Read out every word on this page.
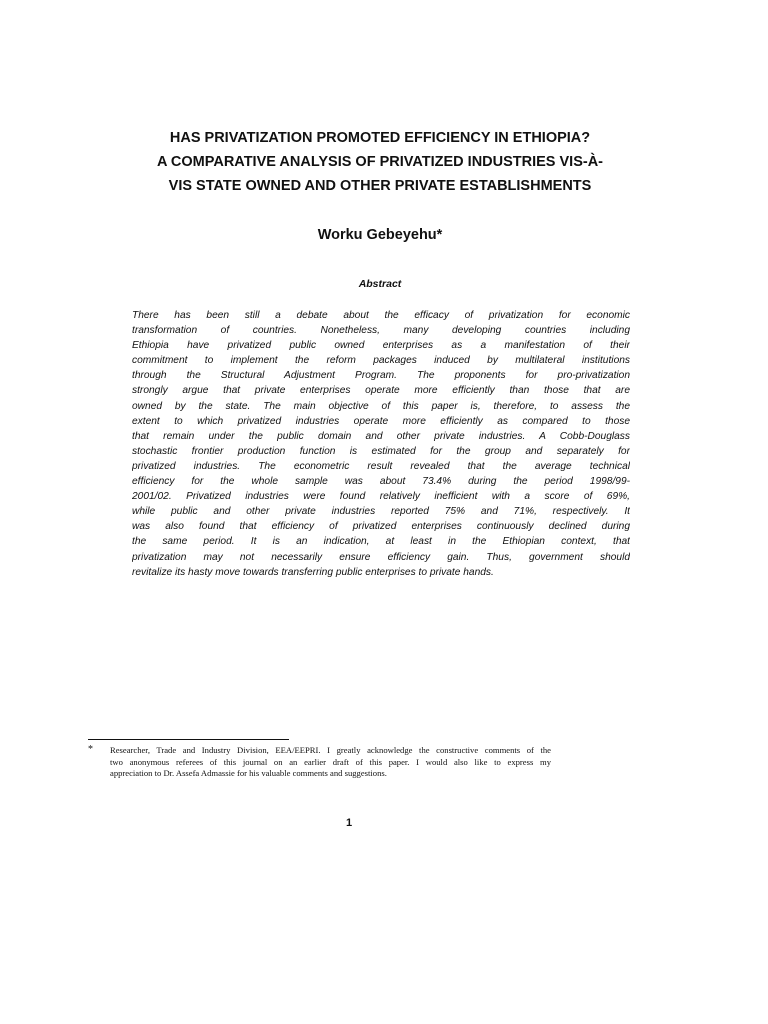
HAS PRIVATIZATION PROMOTED EFFICIENCY IN ETHIOPIA?
A COMPARATIVE ANALYSIS OF PRIVATIZED INDUSTRIES VIS-À-
VIS STATE OWNED AND OTHER PRIVATE ESTABLISHMENTS

Worku Gebeyehu*

Abstract

There has been still a debate about the efficacy of privatization for economic
transformation of countries. Nonetheless, many developing countries including
Ethiopia have privatized public owned enterprises as a manifestation of their
commitment to implement the reform packages induced by multilateral institutions
through the Structural Adjustment Program. The proponents for pro-privatization
strongly argue that private enterprises operate more efficiently than those that are
owned by the state. The main objective of this paper is, therefore, to assess the
extent to which privatized industries operate more efficiently as compared to those
that remain under the public domain and other private industries. A Cobb-Douglass
stochastic frontier production function is estimated for the group and separately for
privatized industries. The econometric result revealed that the average technical
efficiency for the whole sample was about 73.4% during the period 1998/99-
2001/02. Privatized industries were found relatively inefficient with a score of 69%,
while public and other private industries reported 75% and 71%, respectively. It
was also found that efficiency of privatized enterprises continuously declined during
the same period. It is an indication, at least in the Ethiopian context, that
privatization may not necessarily ensure efficiency gain. Thus, government should
revitalize its hasty move towards transferring public enterprises to private hands.
* Researcher, Trade and Industry Division, EEA/EEPRI. I greatly acknowledge the constructive comments of the
two anonymous referees of this journal on an earlier draft of this paper. I would also like to express my
appreciation to Dr. Assefa Admassie for his valuable comments and suggestions.

1
